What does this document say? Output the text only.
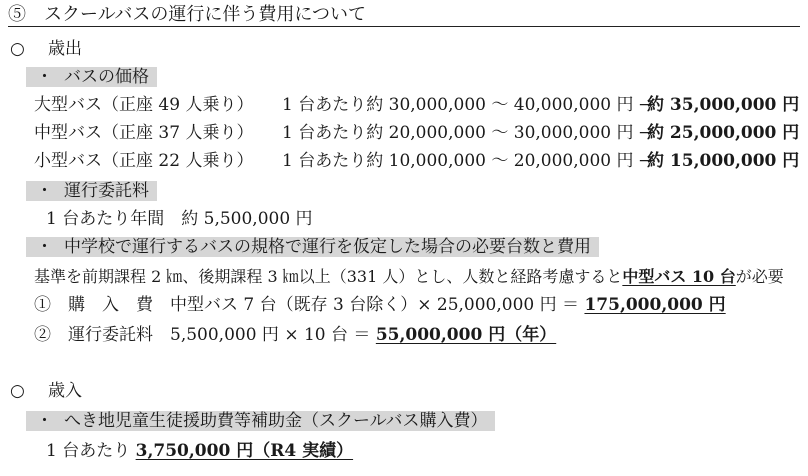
⑤　スクールバスの運行に伴う費用について
○ 歳出
・ バスの価格
大型バス（正座 49 人乗り） 1 台あたり約 30,000,000 〜 40,000,000 円 →約 35,000,000 円
中型バス（正座 37 人乗り） 1 台あたり約 20,000,000 〜 30,000,000 円 →約 25,000,000 円
小型バス（正座 22 人乗り） 1 台あたり約 10,000,000 〜 20,000,000 円 →約 15,000,000 円
・ 運行委託料
1 台あたり年間　約 5,500,000 円
・ 中学校で運行するバスの規格で運行を仮定した場合の必要台数と費用
基準を前期課程 2 ㎞、後期課程 3 ㎞以上（331 人）とし、人数と経路考慮すると中型バス 10 台が必要
①　購　入　費　中型バス 7 台（既存 3 台除く）× 25,000,000 円 ＝ 175,000,000 円
②　運行委託料　5,500,000 円 × 10 台 ＝ 55,000,000 円（年）
○ 歳入
・ へき地児童生徒援助費等補助金（スクールバス購入費）
1 台あたり 3,750,000 円（R4 実績）
